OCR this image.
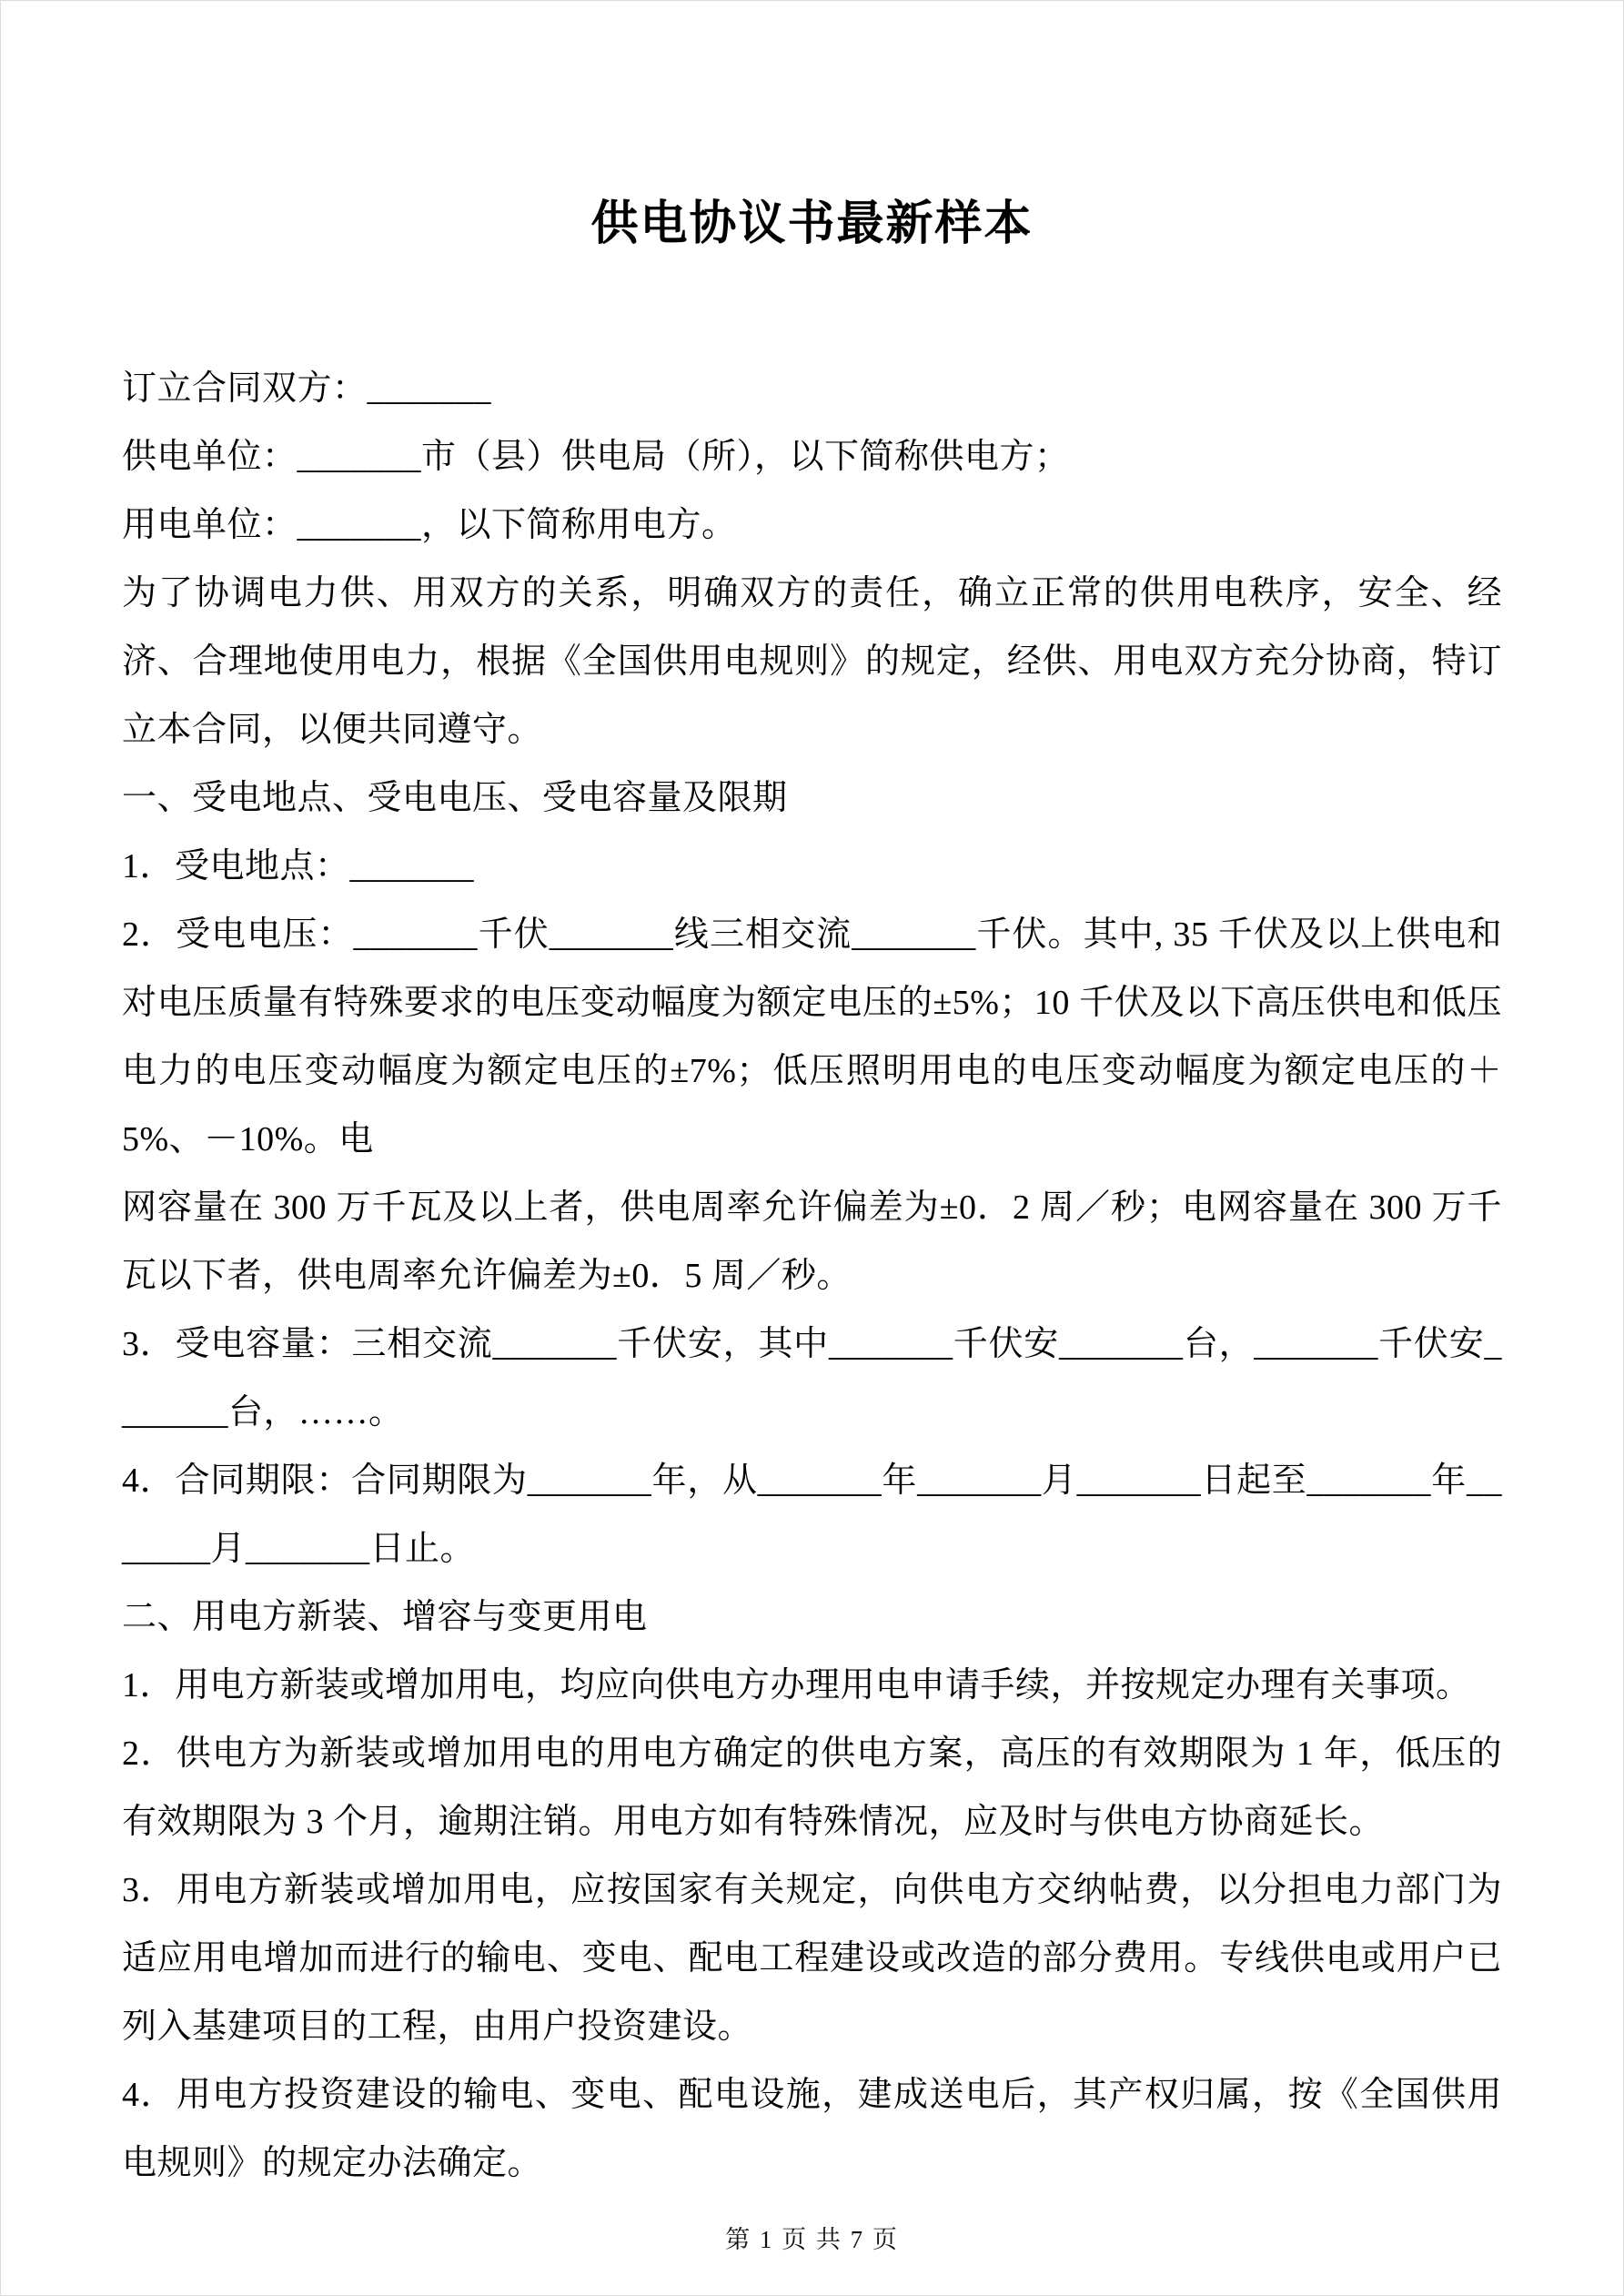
供电协议书最新样本

订立合同双方：_______

供电单位：_______市（县）供电局（所），以下简称供电方；

用电单位：_______，以下简称用电方。

为了协调电力供、用双方的关系，明确双方的责任，确立正常的供用电秩序，安全、经济、合理地使用电力，根据《全国供用电规则》的规定，经供、用电双方充分协商，特订立本合同，以便共同遵守。

一、受电地点、受电电压、受电容量及限期

1．受电地点：_______

2．受电电压：_______千伏_______线三相交流_______千伏。其中, 35 千伏及以上供电和对电压质量有特殊要求的电压变动幅度为额定电压的±5%；10 千伏及以下高压供电和低压电力的电压变动幅度为额定电压的±7%；低压照明用电的电压变动幅度为额定电压的＋5%、－10%。电

网容量在 300 万千瓦及以上者，供电周率允许偏差为±0．2 周／秒；电网容量在 300 万千瓦以下者，供电周率允许偏差为±0．5 周／秒。

3．受电容量：三相交流_______千伏安，其中_______千伏安_______台，_______千伏安_______台，……。

4．合同期限：合同期限为_______年，从_______年_______月_______日起至_______年_______月_______日止。

二、用电方新装、增容与变更用电

1．用电方新装或增加用电，均应向供电方办理用电申请手续，并按规定办理有关事项。

2．供电方为新装或增加用电的用电方确定的供电方案，高压的有效期限为 1 年，低压的有效期限为 3 个月，逾期注销。用电方如有特殊情况，应及时与供电方协商延长。

3．用电方新装或增加用电，应按国家有关规定，向供电方交纳帖费，以分担电力部门为适应用电增加而进行的输电、变电、配电工程建设或改造的部分费用。专线供电或用户已列入基建项目的工程，由用户投资建设。

4．用电方投资建设的输电、变电、配电设施，建成送电后，其产权归属，按《全国供用电规则》的规定办法确定。

第 1 页 共 7 页
